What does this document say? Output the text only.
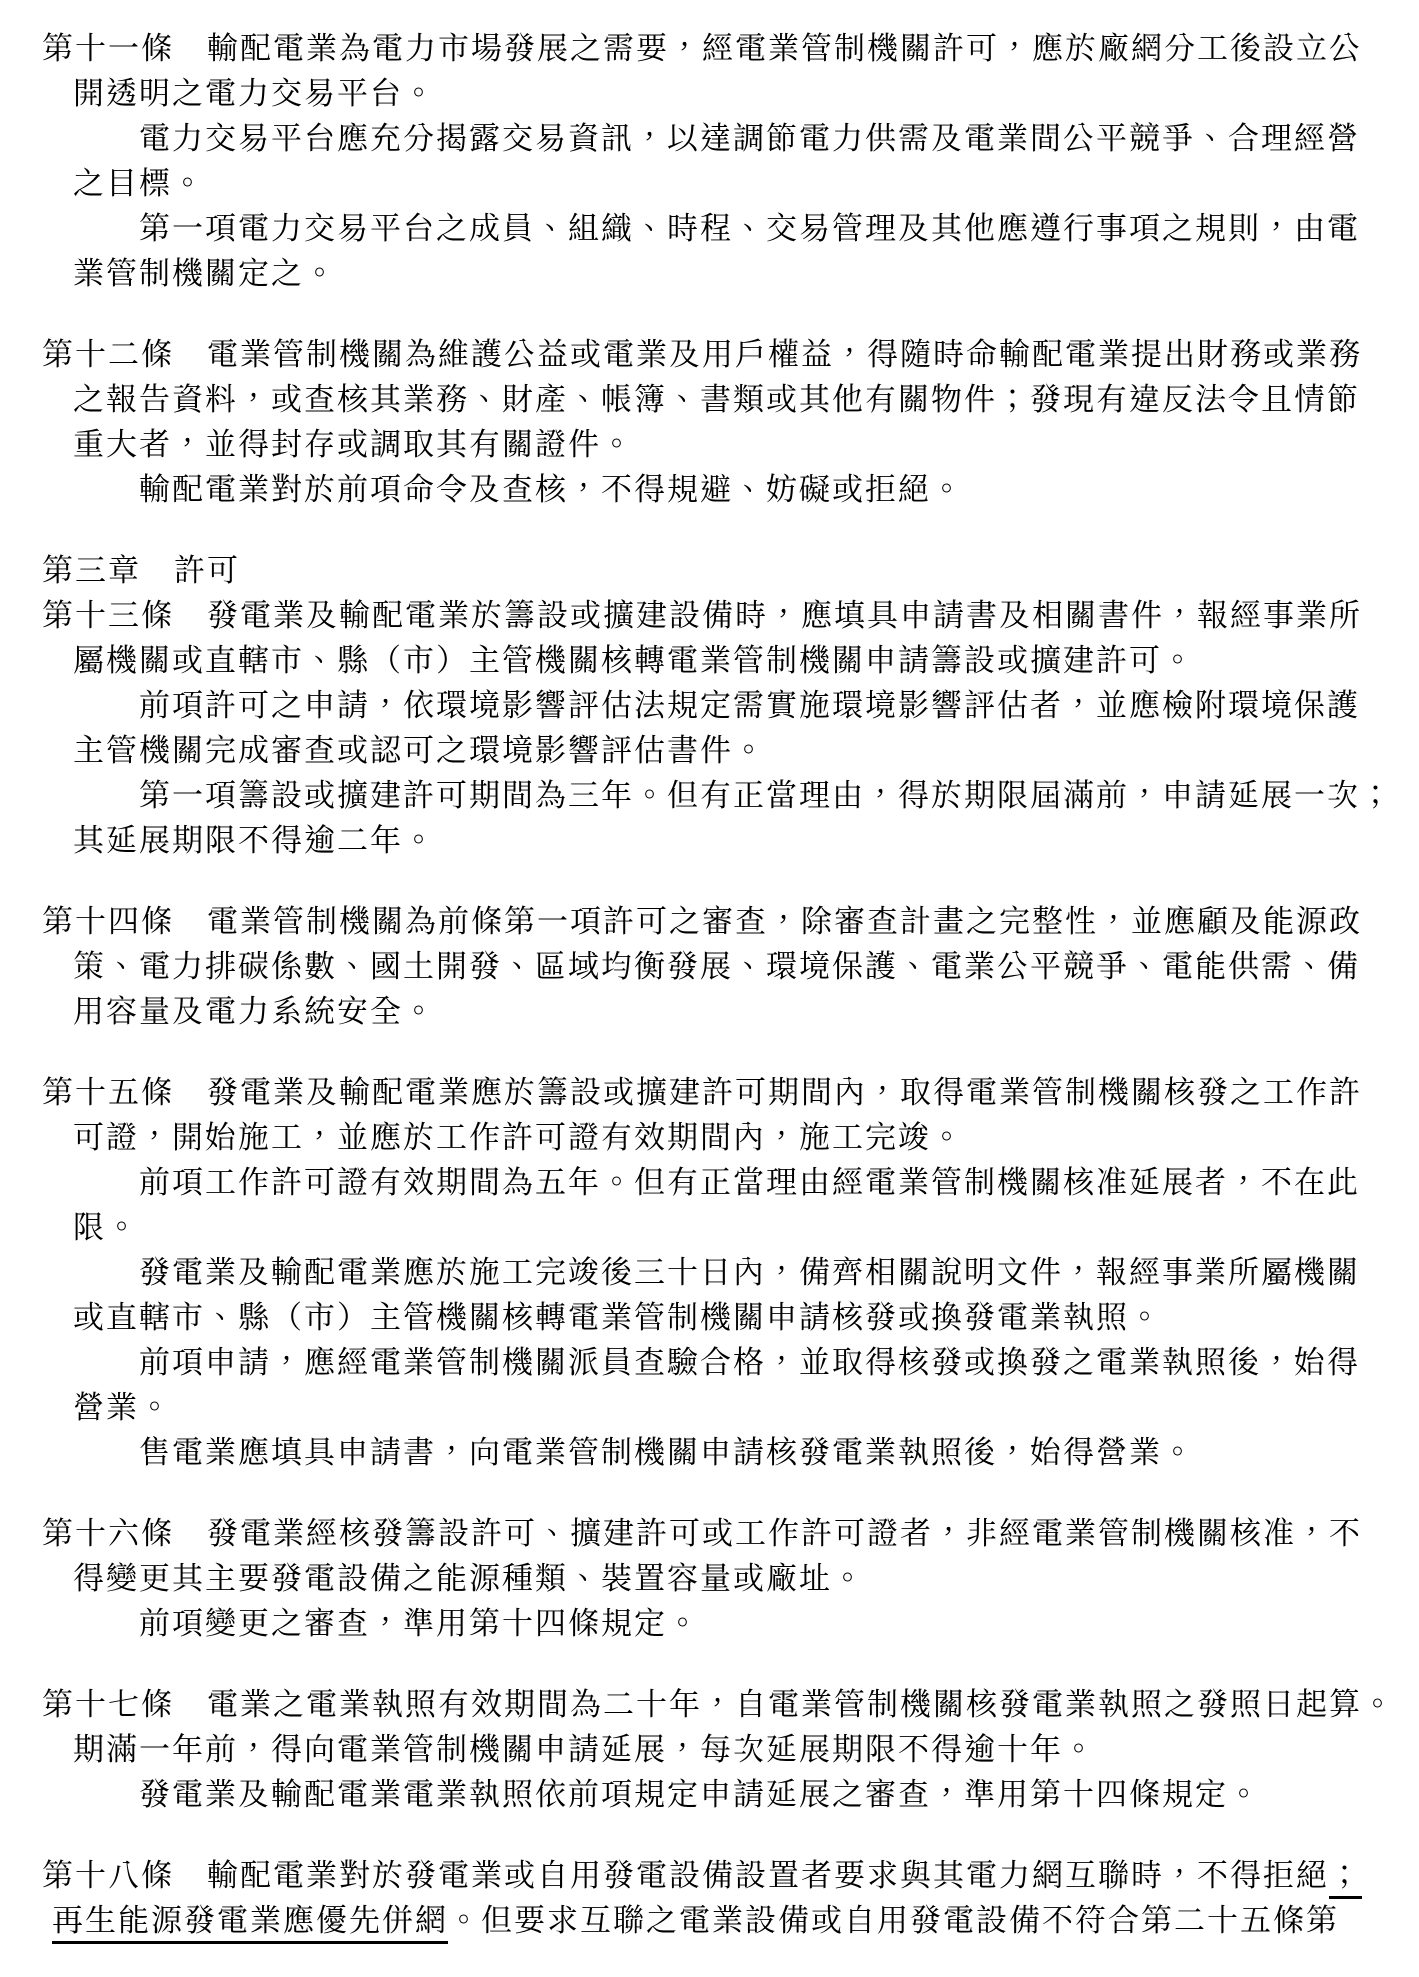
第十一條　輸配電業為電力市場發展之需要，經電業管制機關許可，應於廠網分工後設立公
開透明之電力交易平台。
電力交易平台應充分揭露交易資訊，以達調節電力供需及電業間公平競爭、合理經營
之目標。
第一項電力交易平台之成員、組織、時程、交易管理及其他應遵行事項之規則，由電
業管制機關定之。
第十二條　電業管制機關為維護公益或電業及用戶權益，得隨時命輸配電業提出財務或業務
之報告資料，或查核其業務、財產、帳簿、書類或其他有關物件；發現有違反法令且情節
重大者，並得封存或調取其有關證件。
輸配電業對於前項命令及查核，不得規避、妨礙或拒絕。
第三章　許可
第十三條　發電業及輸配電業於籌設或擴建設備時，應填具申請書及相關書件，報經事業所
屬機關或直轄市、縣（市）主管機關核轉電業管制機關申請籌設或擴建許可。
前項許可之申請，依環境影響評估法規定需實施環境影響評估者，並應檢附環境保護
主管機關完成審查或認可之環境影響評估書件。
第一項籌設或擴建許可期間為三年。但有正當理由，得於期限屆滿前，申請延展一次；
其延展期限不得逾二年。
第十四條　電業管制機關為前條第一項許可之審查，除審查計畫之完整性，並應顧及能源政
策、電力排碳係數、國土開發、區域均衡發展、環境保護、電業公平競爭、電能供需、備
用容量及電力系統安全。
第十五條　發電業及輸配電業應於籌設或擴建許可期間內，取得電業管制機關核發之工作許
可證，開始施工，並應於工作許可證有效期間內，施工完竣。
前項工作許可證有效期間為五年。但有正當理由經電業管制機關核准延展者，不在此
限。
發電業及輸配電業應於施工完竣後三十日內，備齊相關說明文件，報經事業所屬機關
或直轄市、縣（市）主管機關核轉電業管制機關申請核發或換發電業執照。
前項申請，應經電業管制機關派員查驗合格，並取得核發或換發之電業執照後，始得
營業。
售電業應填具申請書，向電業管制機關申請核發電業執照後，始得營業。
第十六條　發電業經核發籌設許可、擴建許可或工作許可證者，非經電業管制機關核准，不
得變更其主要發電設備之能源種類、裝置容量或廠址。
前項變更之審查，準用第十四條規定。
第十七條　電業之電業執照有效期間為二十年，自電業管制機關核發電業執照之發照日起算。
期滿一年前，得向電業管制機關申請延展，每次延展期限不得逾十年。
發電業及輸配電業電業執照依前項規定申請延展之審查，準用第十四條規定。
第十八條　輸配電業對於發電業或自用發電設備設置者要求與其電力網互聯時，不得拒絕；
再生能源發電業應優先併網。但要求互聯之電業設備或自用發電設備不符合第二十五條第
